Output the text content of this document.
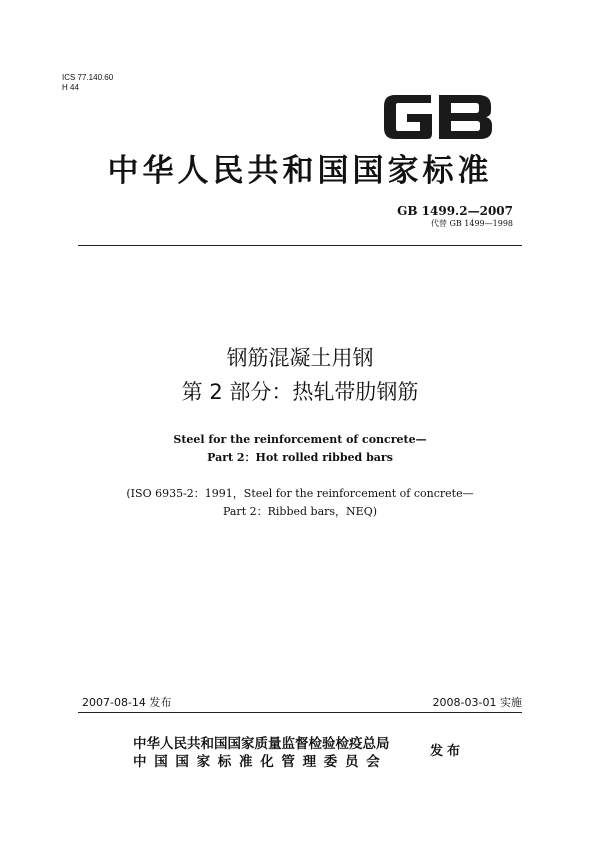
ICS 77.140.60
H 44
中华人民共和国国家标准
GB 1499.2—2007
代替 GB 1499—1998
钢筋混凝土用钢
第 2 部分：热轧带肋钢筋
Steel for the reinforcement of concrete—
Part 2：Hot rolled ribbed bars
(ISO 6935-2：1991，Steel for the reinforcement of concrete—
Part 2：Ribbed bars，NEQ)
2007-08-14 发布	2008-03-01 实施
中华人民共和国国家质量监督检验检疫总局
中国国家标准化管理委员会
发布
